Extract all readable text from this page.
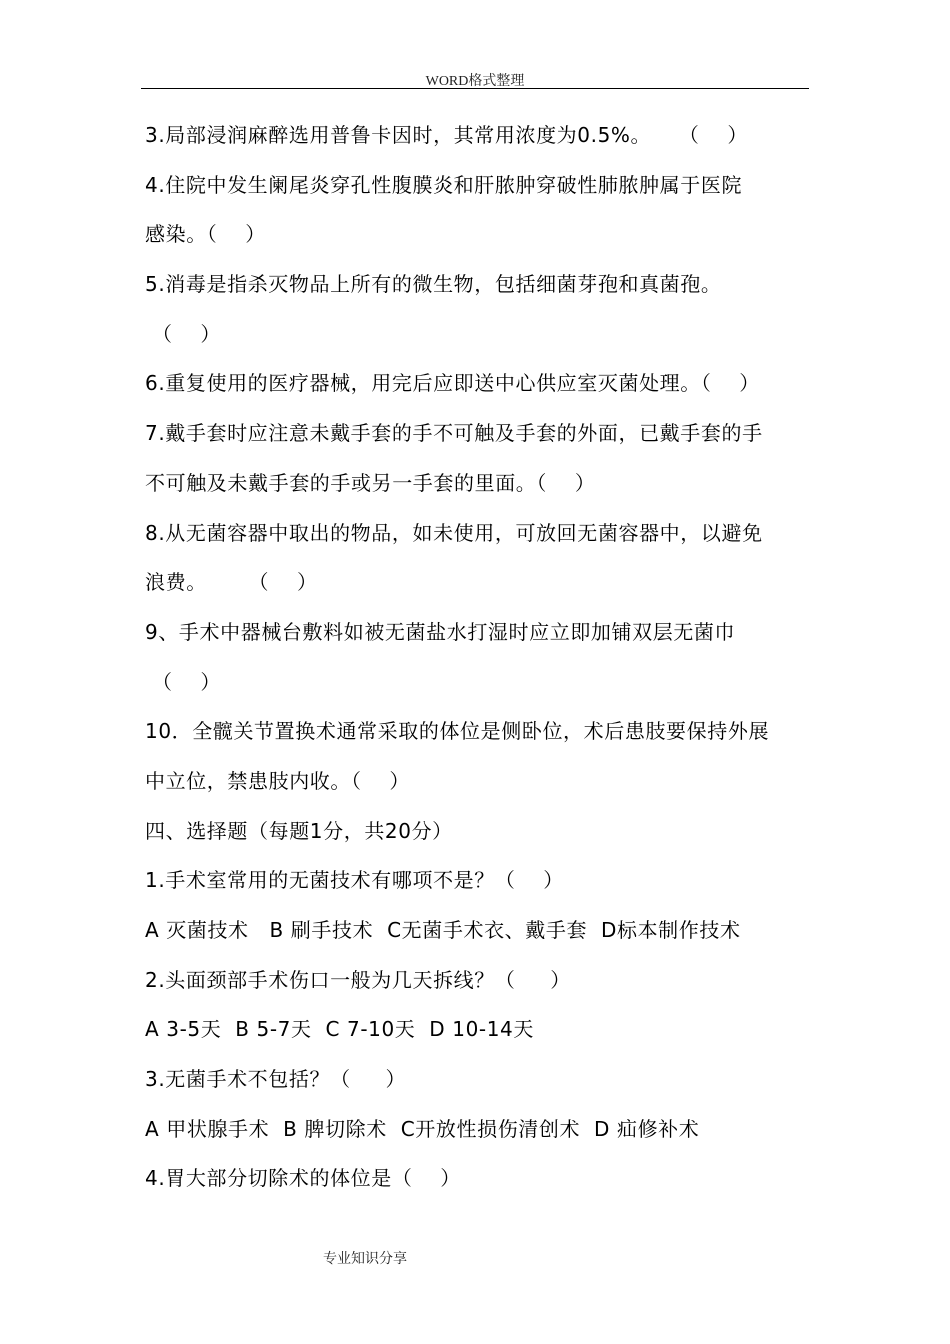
WORD格式整理
3.局部浸润麻醉选用普鲁卡因时，其常用浓度为0.5%。    （    ）
4.住院中发生阑尾炎穿孔性腹膜炎和肝脓肿穿破性肺脓肿属于医院
感染。（    ）
5.消毒是指杀灭物品上所有的微生物，包括细菌芽孢和真菌孢。
（    ）
6.重复使用的医疗器械，用完后应即送中心供应室灭菌处理。（    ）
7.戴手套时应注意未戴手套的手不可触及手套的外面，已戴手套的手
不可触及未戴手套的手或另一手套的里面。（    ）
8.从无菌容器中取出的物品，如未使用，可放回无菌容器中，以避免
浪费。      （    ）
9、手术中器械台敷料如被无菌盐水打湿时应立即加铺双层无菌巾
（    ）
10．全髋关节置换术通常采取的体位是侧卧位，术后患肢要保持外展
中立位，禁患肢内收。（    ）
四、选择题（每题1分，共20分）
1.手术室常用的无菌技术有哪项不是？（    ）
A 灭菌技术   B 刷手技术  C无菌手术衣、戴手套  D标本制作技术
2.头面颈部手术伤口一般为几天拆线？（     ）
A 3-5天  B 5-7天  C 7-10天  D 10-14天
3.无菌手术不包括？（     ）
A 甲状腺手术  B 脾切除术  C开放性损伤清创术  D 疝修补术
4.胃大部分切除术的体位是（    ）
专业知识分享
